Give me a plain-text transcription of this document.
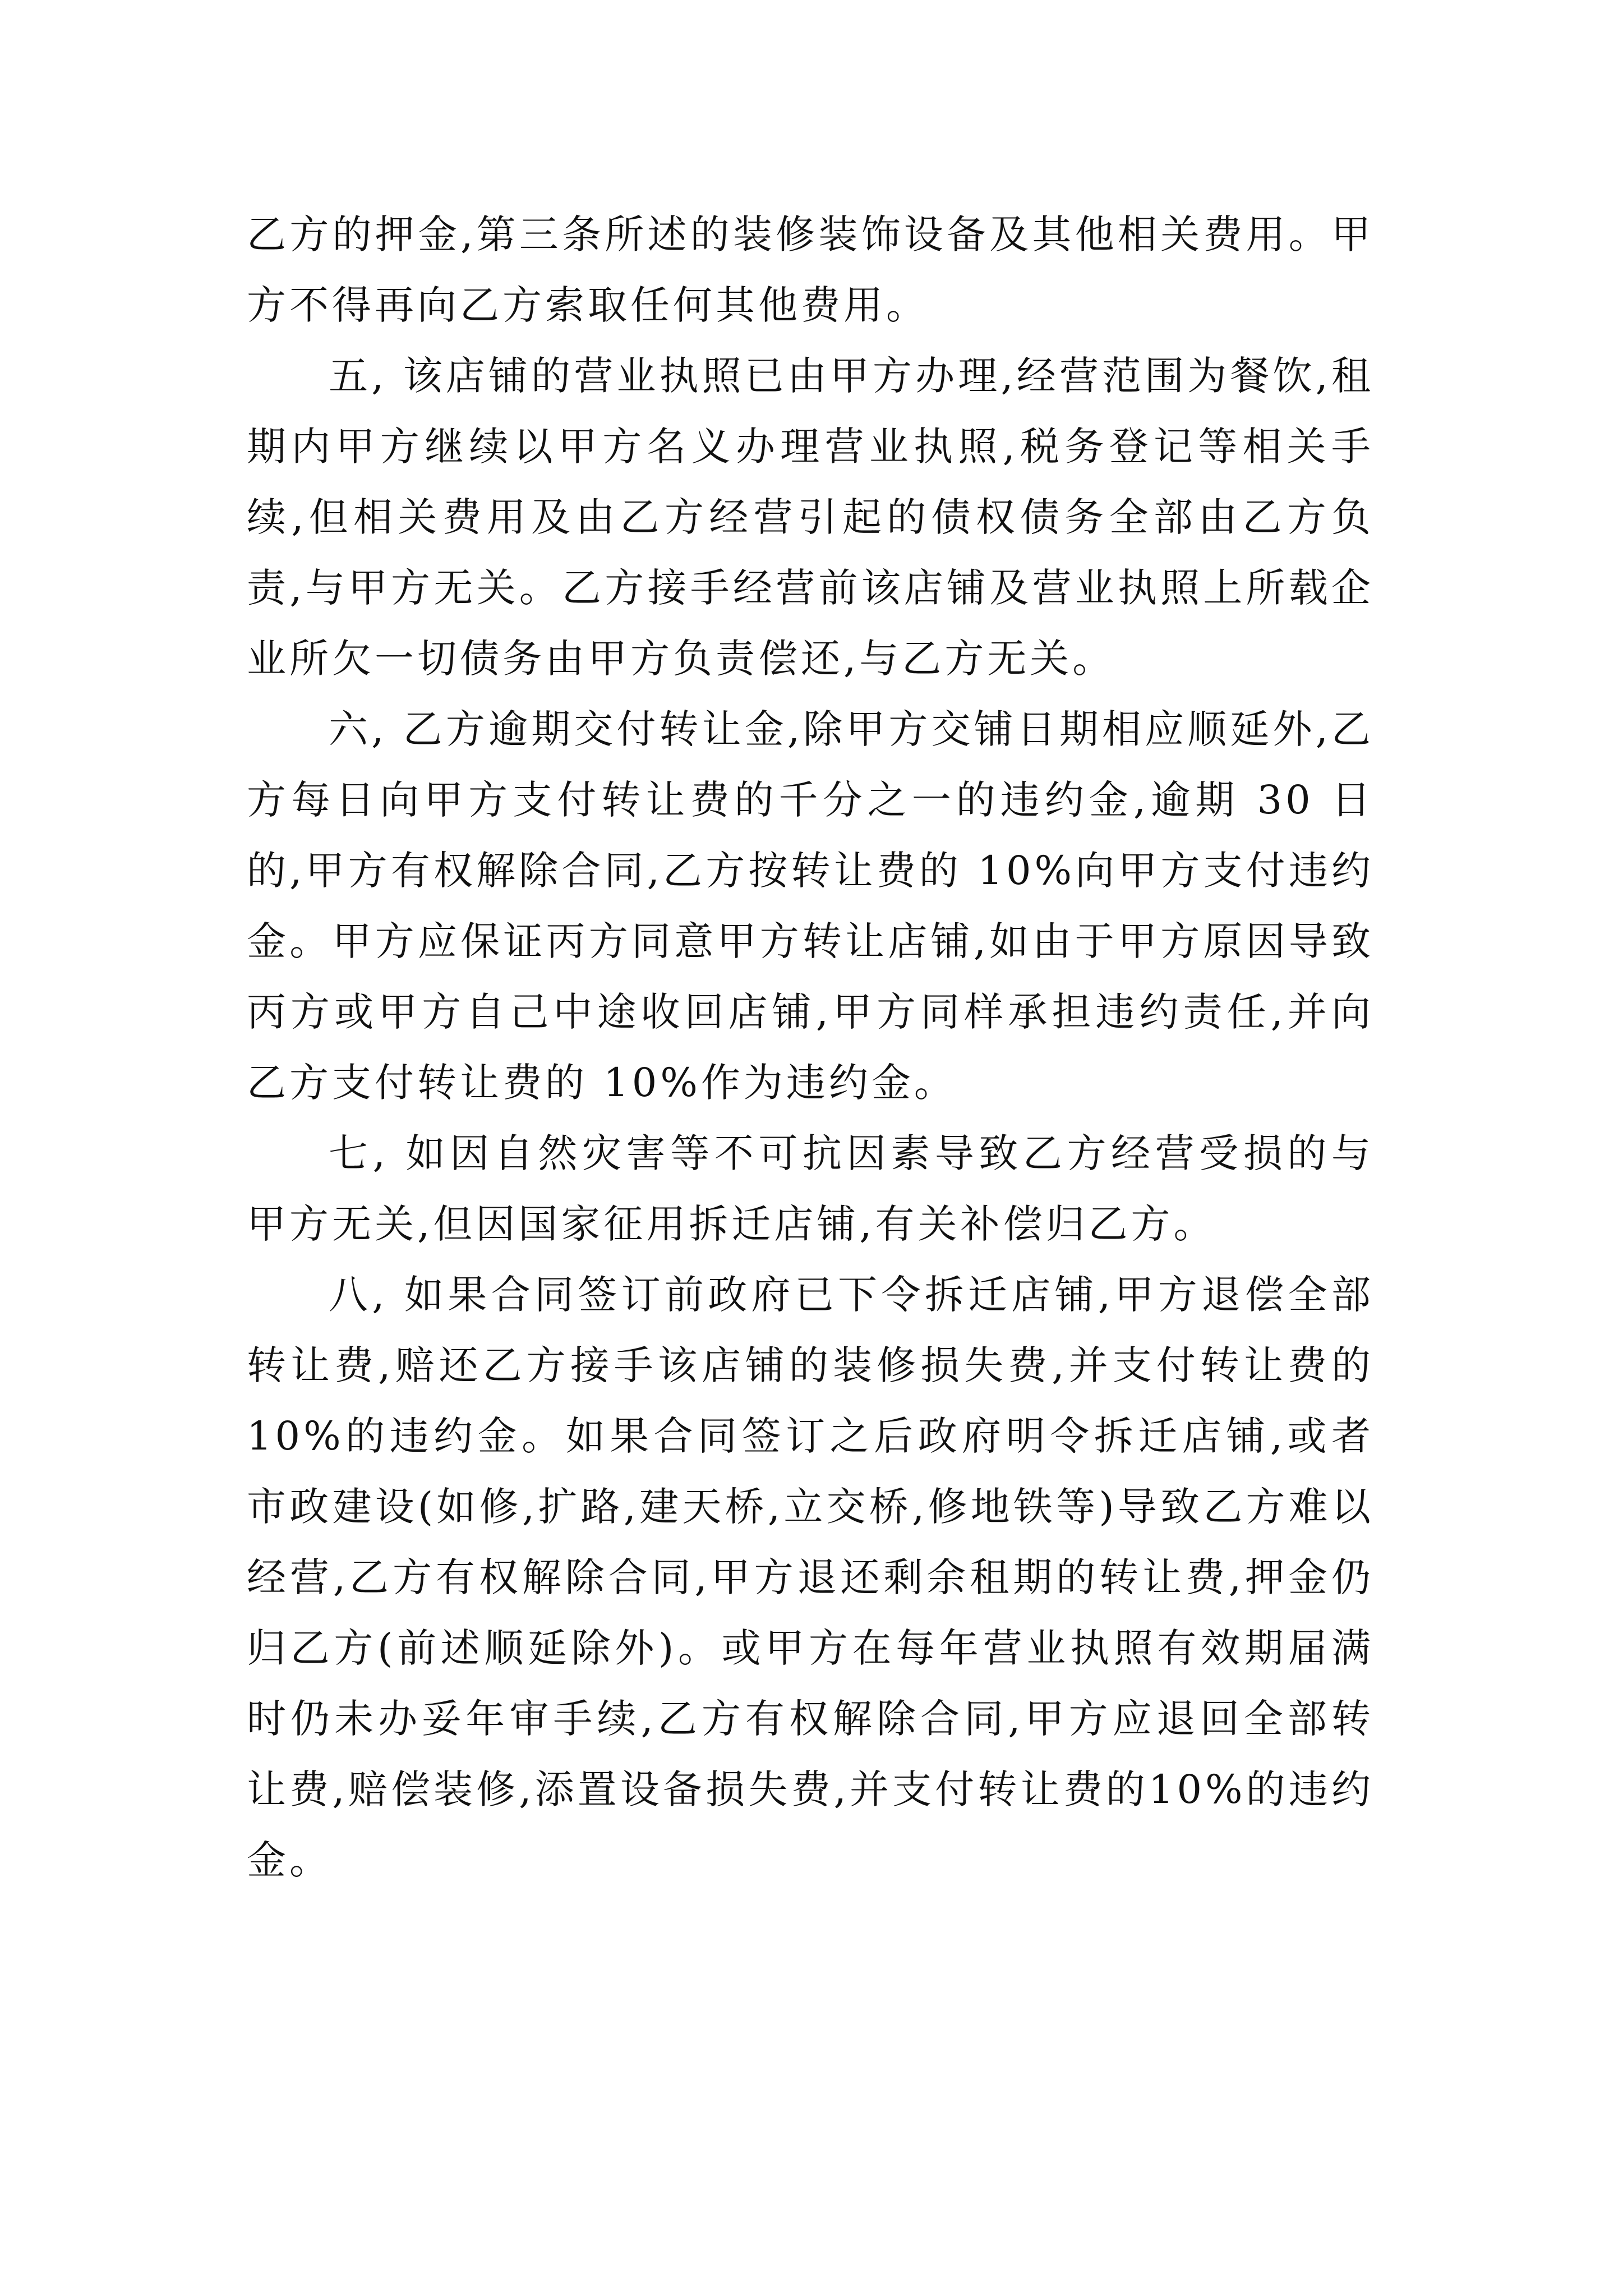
乙方的押金,第三条所述的装修装饰设备及其他相关费用。甲方不得再向乙方索取任何其他费用。

五, 该店铺的营业执照已由甲方办理,经营范围为餐饮,租期内甲方继续以甲方名义办理营业执照,税务登记等相关手续,但相关费用及由乙方经营引起的债权债务全部由乙方负责,与甲方无关。乙方接手经营前该店铺及营业执照上所载企业所欠一切债务由甲方负责偿还,与乙方无关。

六, 乙方逾期交付转让金,除甲方交铺日期相应顺延外,乙方每日向甲方支付转让费的千分之一的违约金,逾期 30 日的,甲方有权解除合同,乙方按转让费的 10%向甲方支付违约金。甲方应保证丙方同意甲方转让店铺,如由于甲方原因导致丙方或甲方自己中途收回店铺,甲方同样承担违约责任,并向乙方支付转让费的 10%作为违约金。

七, 如因自然灾害等不可抗因素导致乙方经营受损的与甲方无关,但因国家征用拆迁店铺,有关补偿归乙方。

八, 如果合同签订前政府已下令拆迁店铺,甲方退偿全部转让费,赔还乙方接手该店铺的装修损失费,并支付转让费的 10%的违约金。如果合同签订之后政府明令拆迁店铺,或者市政建设(如修,扩路,建天桥,立交桥,修地铁等)导致乙方难以经营,乙方有权解除合同,甲方退还剩余租期的转让费,押金仍归乙方(前述顺延除外)。或甲方在每年营业执照有效期届满时仍未办妥年审手续,乙方有权解除合同,甲方应退回全部转让费,赔偿装修,添置设备损失费,并支付转让费的10%的违约金。
